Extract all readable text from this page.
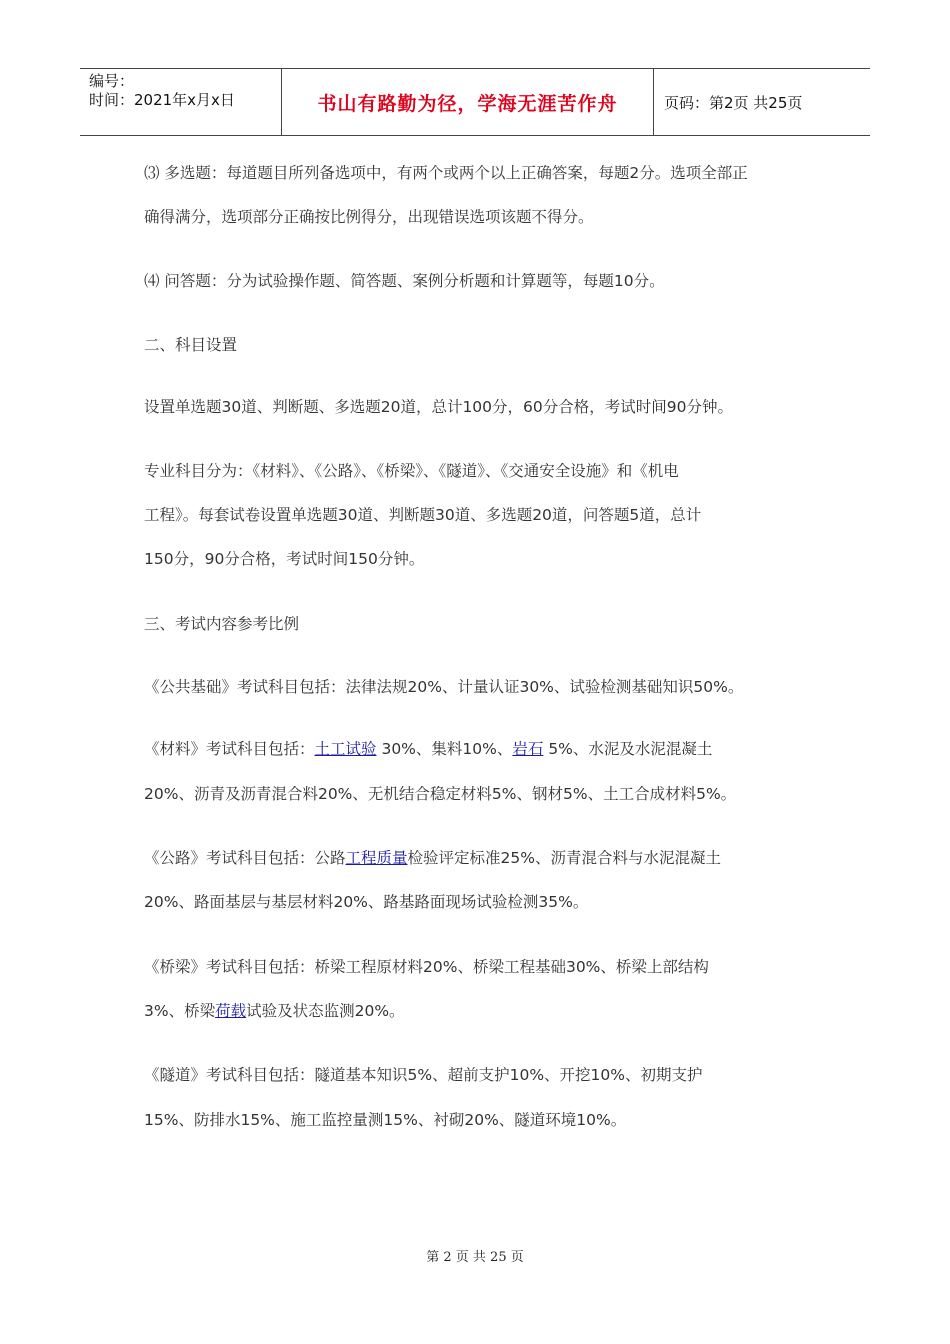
编号：
时间：2021年x月x日	书山有路勤为径，学海无涯苦作舟	页码：第2页 共25页
⑶ 多选题：每道题目所列备选项中，有两个或两个以上正确答案，每题2分。选项全部正
确得满分，选项部分正确按比例得分，出现错误选项该题不得分。
⑷ 问答题：分为试验操作题、简答题、案例分析题和计算题等，每题10分。
二、科目设置
设置单选题30道、判断题、多选题20道，总计100分，60分合格，考试时间90分钟。
专业科目分为：《材料》、《公路》、《桥梁》、《隧道》、《交通安全设施》和《机电
工程》。每套试卷设置单选题30道、判断题30道、多选题20道，问答题5道，总计
150分，90分合格，考试时间150分钟。
三、考试内容参考比例
《公共基础》考试科目包括：法律法规20%、计量认证30%、试验检测基础知识50%。
《材料》考试科目包括：土工试验 30%、集料10%、岩石 5%、水泥及水泥混凝土
20%、沥青及沥青混合料20%、无机结合稳定材料5%、钢材5%、土工合成材料5%。
《公路》考试科目包括：公路工程质量检验评定标准25%、沥青混合料与水泥混凝土
20%、路面基层与基层材料20%、路基路面现场试验检测35%。
《桥梁》考试科目包括：桥梁工程原材料20%、桥梁工程基础30%、桥梁上部结构
3%、桥梁荷载试验及状态监测20%。
《隧道》考试科目包括：隧道基本知识5%、超前支护10%、开挖10%、初期支护
15%、防排水15%、施工监控量测15%、衬砌20%、隧道环境10%。
第 2 页 共 25 页
